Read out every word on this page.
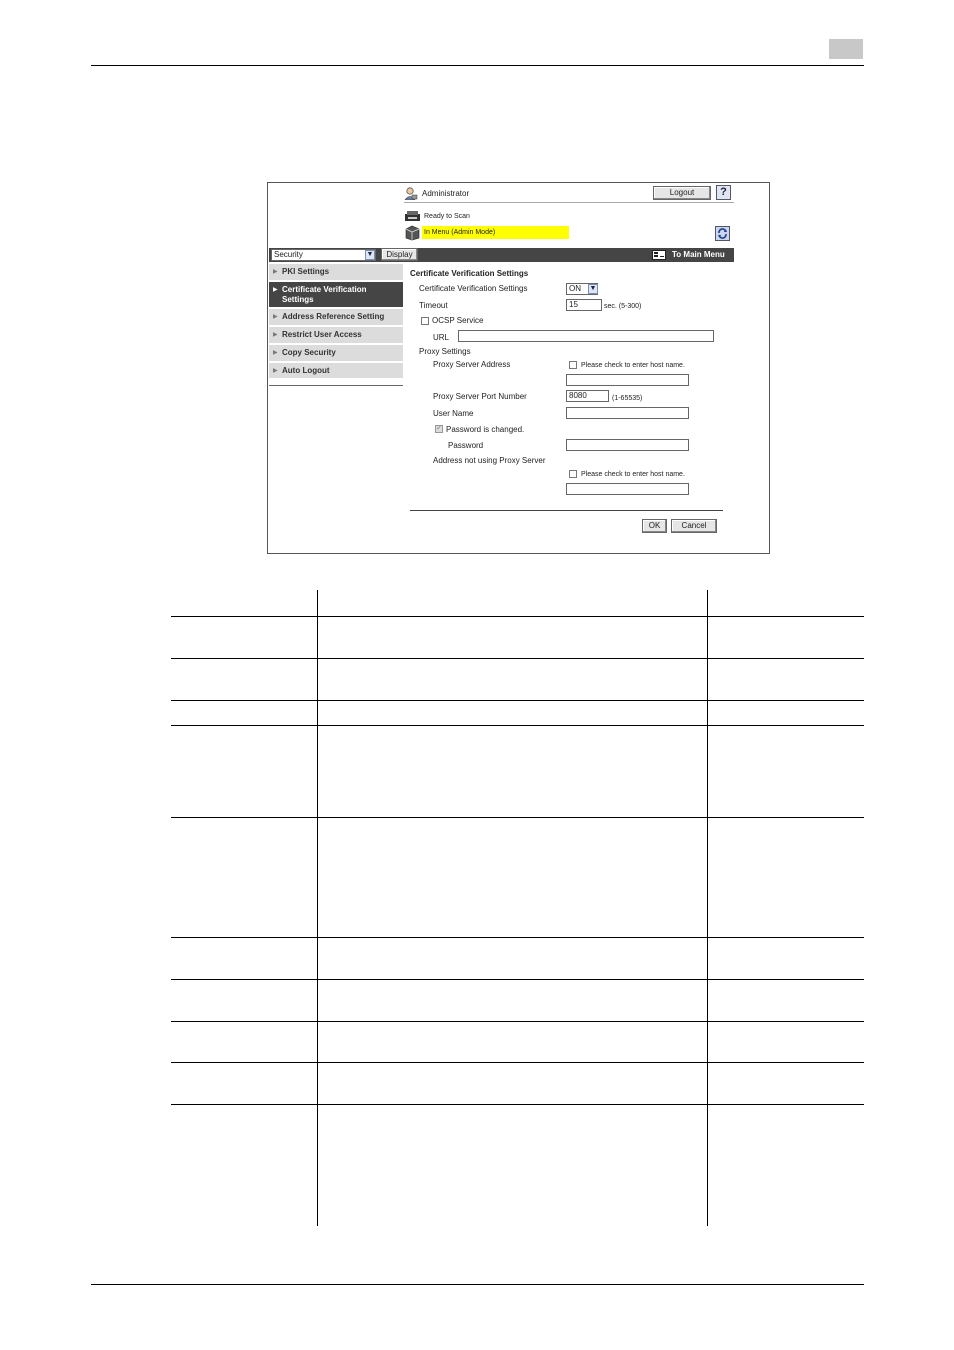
Administrator	Logout	?
Ready to Scan
In Menu (Admin Mode)
Security	▼	Display	To Main Menu
▶ PKI Settings
▶ Certificate Verification
Settings
▶ Address Reference Setting
▶ Restrict User Access
▶ Copy Security
▶ Auto Logout
Certificate Verification Settings
Certificate Verification Settings	ON	▼
Timeout	15	sec. (5-300)
OCSP Service
URL
Proxy Settings
Proxy Server Address	Please check to enter host name.
Proxy Server Port Number	8080	(1-65535)
User Name
✓
Password is changed.
Password
Address not using Proxy Server
Please check to enter host name.
OK	Cancel
